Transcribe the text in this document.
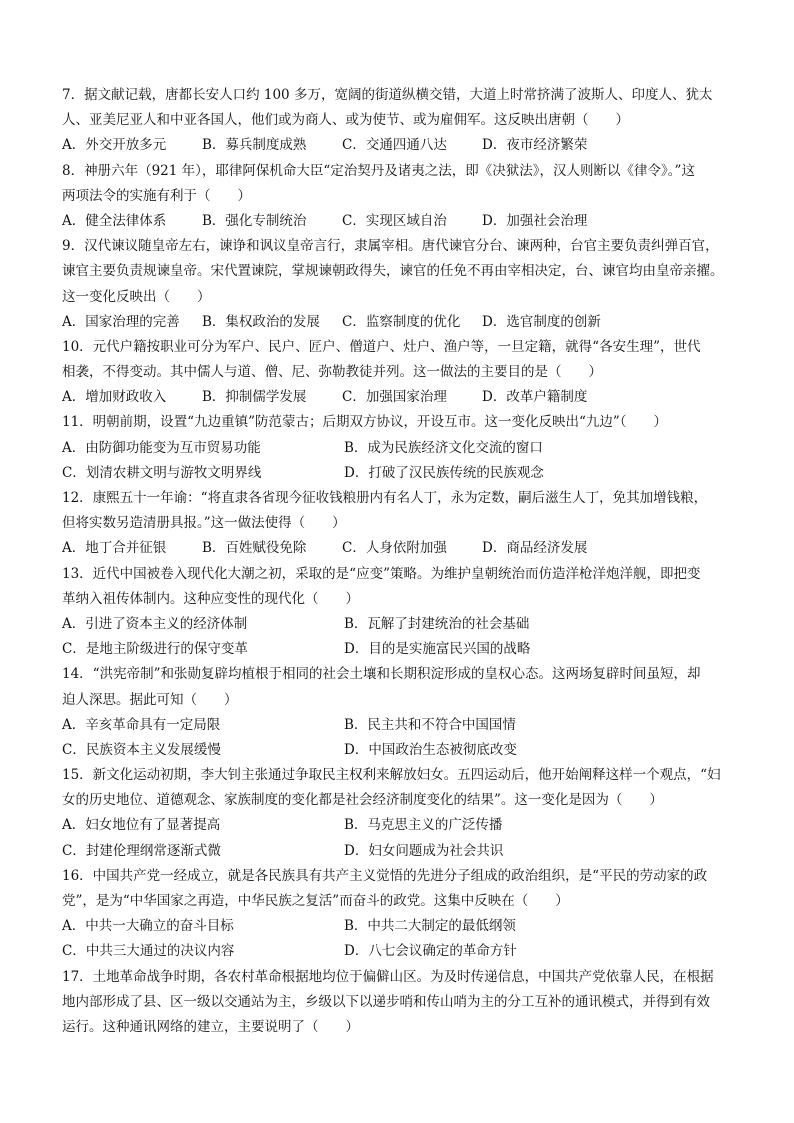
7．据文献记载，唐都长安人口约 100 多万，宽阔的街道纵横交错，大道上时常挤满了波斯人、印度人、犹太
人、亚美尼亚人和中亚各国人，他们或为商人、或为使节、或为雇佣军。这反映出唐朝（　　）
A．外交开放多元	B．募兵制度成熟	C．交通四通八达	D．夜市经济繁荣
8．神册六年（921 年），耶律阿保机命大臣“定治契丹及诸夷之法，即《决狱法》，汉人则断以《律令》。”这
两项法令的实施有利于（　　）
A．健全法律体系	B．强化专制统治	C．实现区域自治	D．加强社会治理
9．汉代谏议随皇帝左右，谏诤和讽议皇帝言行，隶属宰相。唐代谏官分台、谏两种，台官主要负责纠弹百官，
谏官主要负责规谏皇帝。宋代置谏院，掌规谏朝政得失，谏官的任免不再由宰相决定，台、谏官均由皇帝亲擢。
这一变化反映出（　　）
A．国家治理的完善	B．集权政治的发展	C．监察制度的优化	D．选官制度的创新
10．元代户籍按职业可分为军户、民户、匠户、僧道户、灶户、渔户等，一旦定籍，就得“各安生理”，世代
相袭，不得变动。其中儒人与道、僧、尼、弥勒教徒并列。这一做法的主要目的是（　　）
A．增加财政收入	B．抑制儒学发展	C．加强国家治理	D．改革户籍制度
11．明朝前期，设置“九边重镇”防范蒙古；后期双方协议，开设互市。这一变化反映出“九边”（　　）
A．由防御功能变为互市贸易功能	B．成为民族经济文化交流的窗口
C．划清农耕文明与游牧文明界线	D．打破了汉民族传统的民族观念
12．康熙五十一年谕：“将直隶各省现今征收钱粮册内有名人丁，永为定数，嗣后滋生人丁，免其加增钱粮，
但将实数另造清册具报。”这一做法使得（　　）
A．地丁合并征银	B．百姓赋役免除	C．人身依附加强	D．商品经济发展
13．近代中国被卷入现代化大潮之初，采取的是“应变”策略。为维护皇朝统治而仿造洋枪洋炮洋舰，即把变
革纳入祖传体制内。这种应变性的现代化（　　）
A．引进了资本主义的经济体制	B．瓦解了封建统治的社会基础
C．是地主阶级进行的保守变革	D．目的是实施富民兴国的战略
14．“洪宪帝制”和张勋复辟均植根于相同的社会土壤和长期积淀形成的皇权心态。这两场复辟时间虽短，却
迫人深思。据此可知（　　）
A．辛亥革命具有一定局限	B．民主共和不符合中国国情
C．民族资本主义发展缓慢	D．中国政治生态被彻底改变
15．新文化运动初期，李大钊主张通过争取民主权利来解放妇女。五四运动后，他开始阐释这样一个观点，“妇
女的历史地位、道德观念、家族制度的变化都是社会经济制度变化的结果”。这一变化是因为（　　）
A．妇女地位有了显著提高	B．马克思主义的广泛传播
C．封建伦理纲常逐渐式微	D．妇女问题成为社会共识
16．中国共产党一经成立，就是各民族具有共产主义觉悟的先进分子组成的政治组织，是“平民的劳动家的政
党”，是为“中华国家之再造，中华民族之复活”而奋斗的政党。这集中反映在（　　）
A．中共一大确立的奋斗目标	B．中共二大制定的最低纲领
C．中共三大通过的决议内容	D．八七会议确定的革命方针
17．土地革命战争时期，各农村革命根据地均位于偏僻山区。为及时传递信息，中国共产党依靠人民，在根据
地内部形成了县、区一级以交通站为主，乡级以下以递步哨和传山哨为主的分工互补的通讯模式，并得到有效
运行。这种通讯网络的建立，主要说明了（　　）
